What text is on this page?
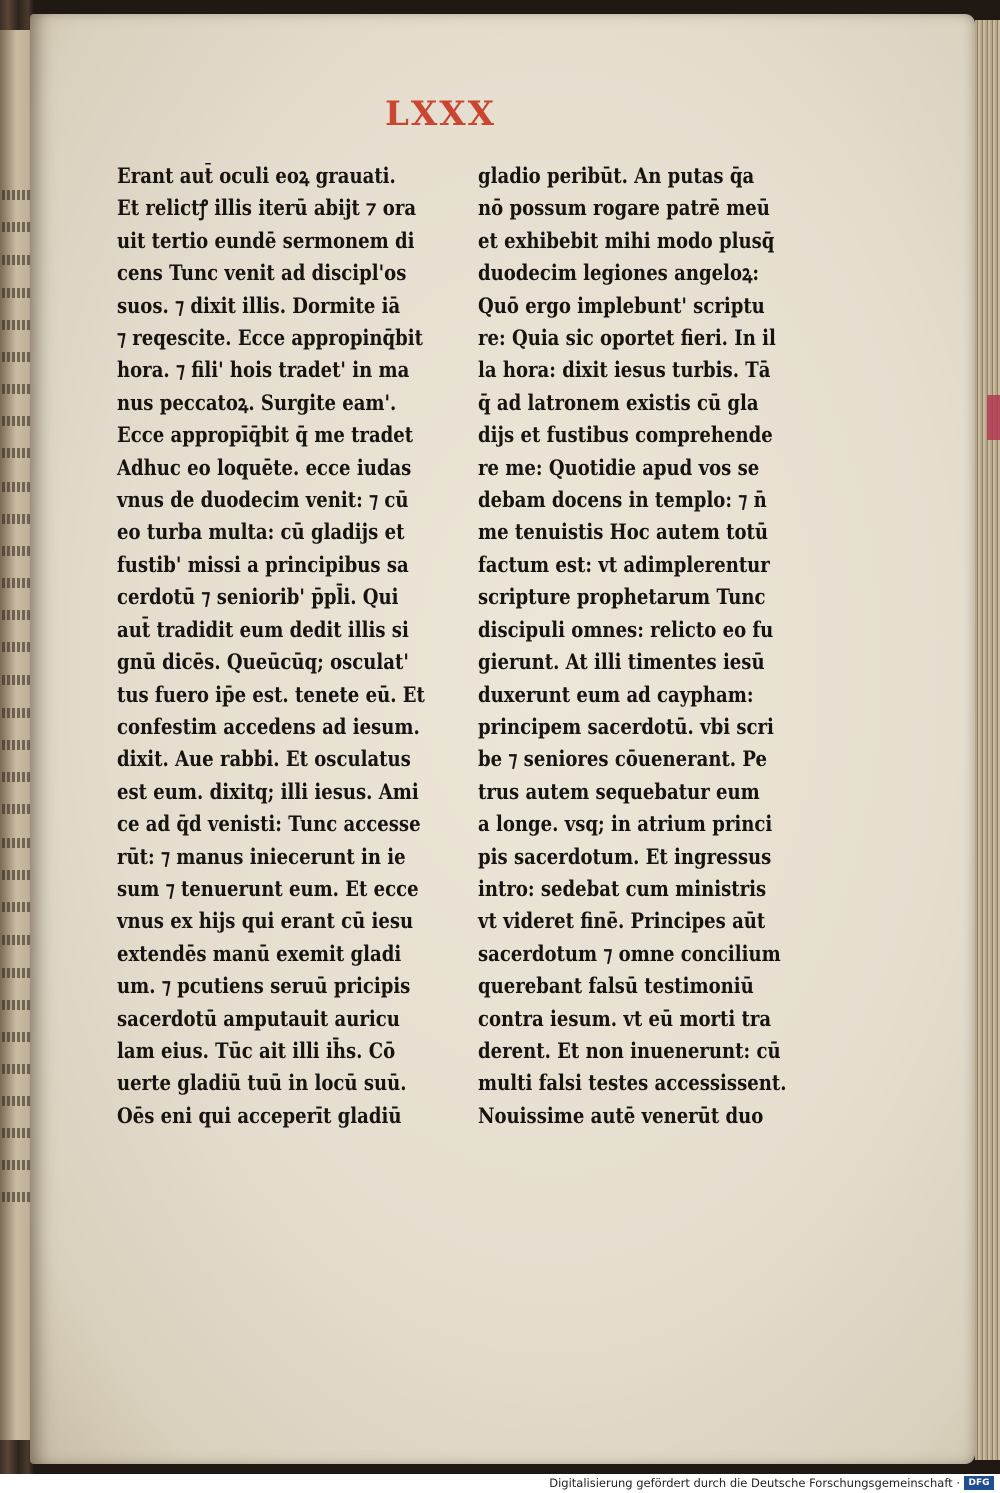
LXXX
Erant aut̄ oculi eoꝝ grauati.
Et relictꝭ illis iterū abijt ⁊ ora
uit tertio eundē sermonem di
cens Tunc venit ad discipl'os
suos. ⁊ dixit illis. Dormite iā
⁊ reqescite. Ecce appropinq̄bit
hora. ⁊ fili' hois tradet' in ma
nus peccatoꝝ. Surgite eam'.
Ecce appropīq̄bit q̄ me tradet
Adhuc eo loquēte. ecce iudas
vnus de duodecim venit: ⁊ cū
eo turba multa: cū gladijs et
fustib' missi a principibus sa
cerdotū ⁊ seniorib' p̄pl̄i. Qui
aut̄ tradidit eum dedit illis si
gnū dicēs. Queūcūq; osculat'
tus fuero ip̄e est. tenete eū. Et
confestim accedens ad iesum.
dixit. Aue rabbi. Et osculatus
est eum. dixitq; illi iesus. Ami
ce ad q̄d venisti: Tunc accesse
rūt: ⁊ manus iniecerunt in ie
sum ⁊ tenuerunt eum. Et ecce
vnus ex hijs qui erant cū iesu
extendēs manū exemit gladi
um. ⁊ pcutiens seruū pricipis
sacerdotū amputauit auricu
lam eius. Tūc ait illi ih̄s. Cō
uerte gladiū tuū in locū suū.
Oēs eni qui acceperīt gladiū
gladio peribūt. An putas q̄a
nō possum rogare patrē meū
et exhibebit mihi modo plusq̄
duodecim legiones angeloꝝ:
Quō ergo implebunt' scriptu
re: Quia sic oportet fieri. In il
la hora: dixit iesus turbis. Tā
q̄ ad latronem existis cū gla
dijs et fustibus comprehende
re me: Quotidie apud vos se
debam docens in templo: ⁊ n̄
me tenuistis Hoc autem totū
factum est: vt adimplerentur
scripture prophetarum Tunc
discipuli omnes: relicto eo fu
gierunt. At illi timentes iesū
duxerunt eum ad caypham:
principem sacerdotū. vbi scri
be ⁊ seniores cōuenerant. Pe
trus autem sequebatur eum
a longe. vsq; in atrium princi
pis sacerdotum. Et ingressus
intro: sedebat cum ministris
vt videret finē. Principes aūt
sacerdotum ⁊ omne concilium
querebant falsū testimoniū
contra iesum. vt eū morti tra
derent. Et non inuenerunt: cū
multi falsi testes accessissent.
Nouissime autē venerūt duo
Digitalisierung gefördert durch die Deutsche Forschungsgemeinschaft · DFG
